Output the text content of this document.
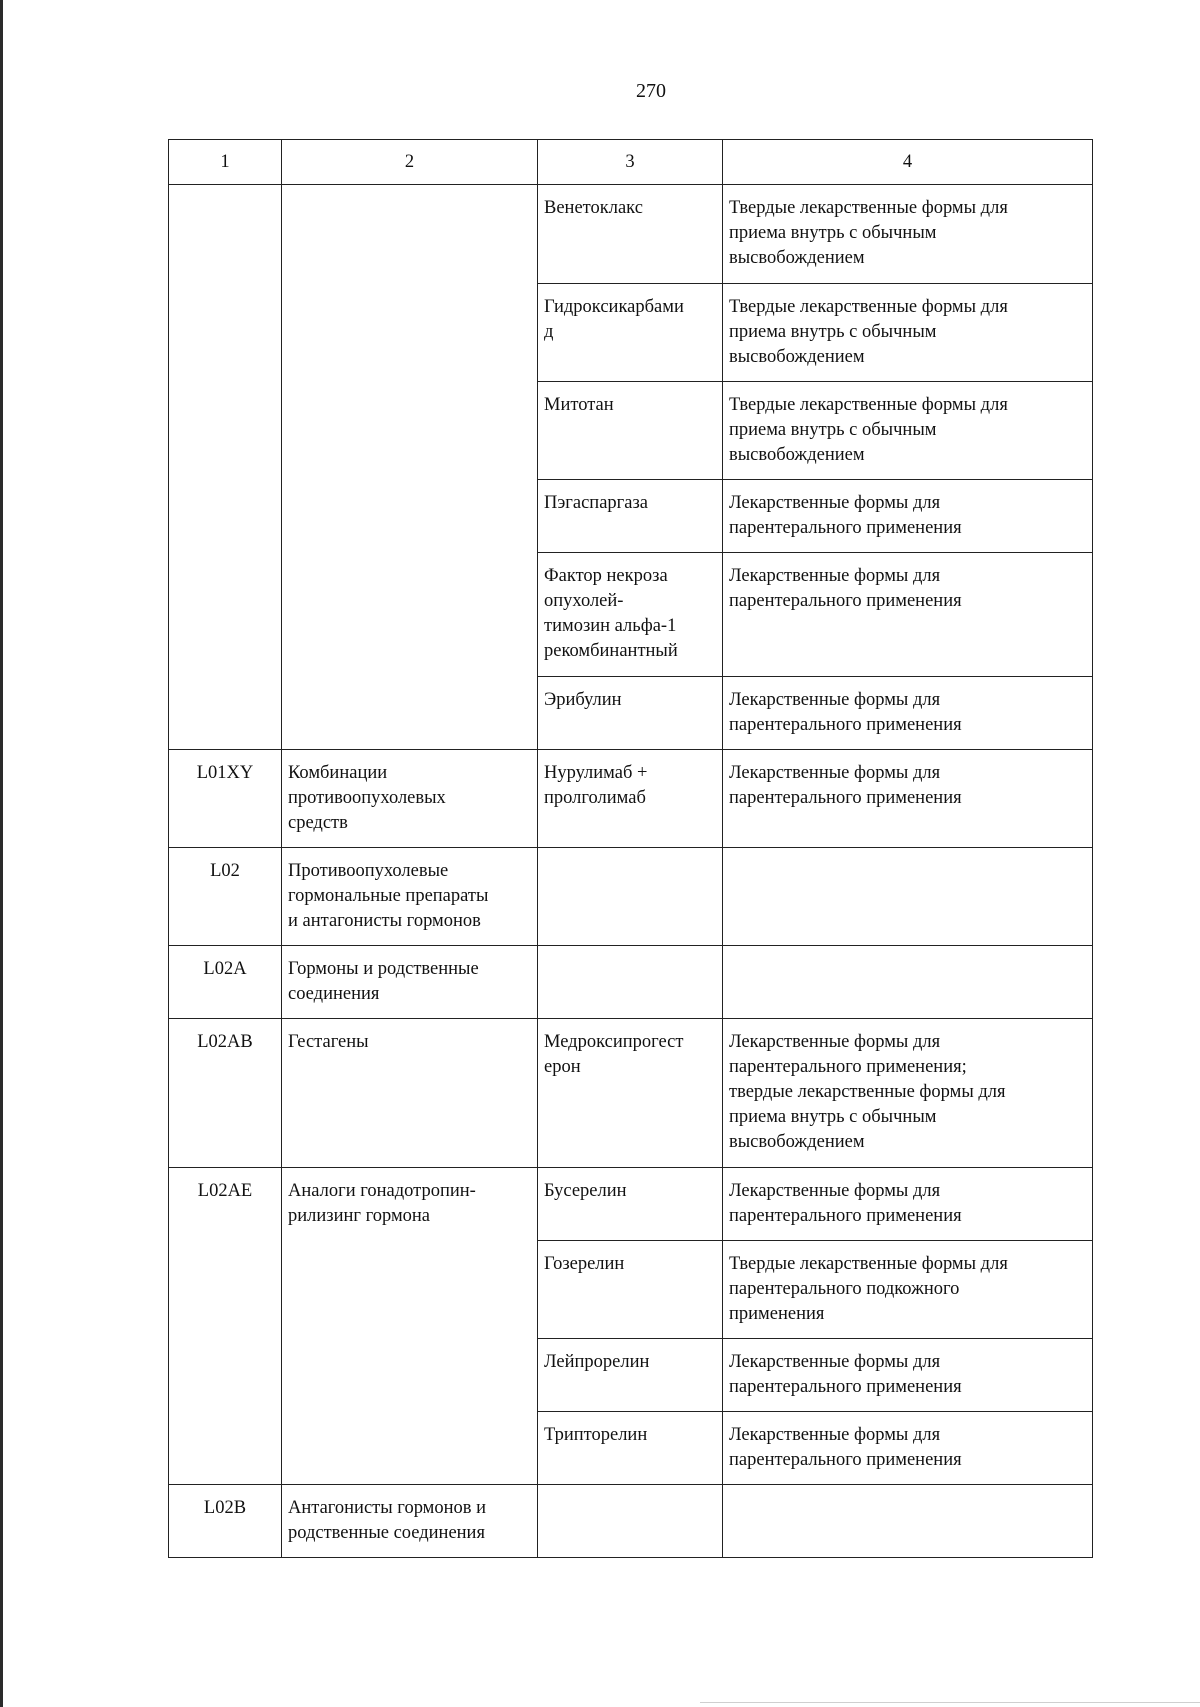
270
1	2	3	4

		Венетоклакс	Твердые лекарственные формы для
приема внутрь с обычным
высвобождением

		Гидроксикарбами
д	Твердые лекарственные формы для
приема внутрь с обычным
высвобождением

		Митотан	Твердые лекарственные формы для
приема внутрь с обычным
высвобождением

		Пэгаспаргаза	Лекарственные формы для
парентерального применения

		Фактор некроза
опухолей-
тимозин альфа-1
рекомбинантный	Лекарственные формы для
парентерального применения

		Эрибулин	Лекарственные формы для
парентерального применения

L01XY	Комбинации
противоопухолевых
средств	Нурулимаб +
пролголимаб	Лекарственные формы для
парентерального применения

L02	Противоопухолевые
гормональные препараты
и антагонисты гормонов		

L02A	Гормоны и родственные
соединения		

L02AB	Гестагены	Медроксипрогест
ерон	Лекарственные формы для
парентерального применения;
твердые лекарственные формы для
приема внутрь с обычным
высвобождением

L02AE	Аналоги гонадотропин-
рилизинг гормона	Бусерелин	Лекарственные формы для
парентерального применения

		Гозерелин	Твердые лекарственные формы для
парентерального подкожного
применения

		Лейпрорелин	Лекарственные формы для
парентерального применения

		Трипторелин	Лекарственные формы для
парентерального применения

L02B	Антагонисты гормонов и
родственные соединения		
